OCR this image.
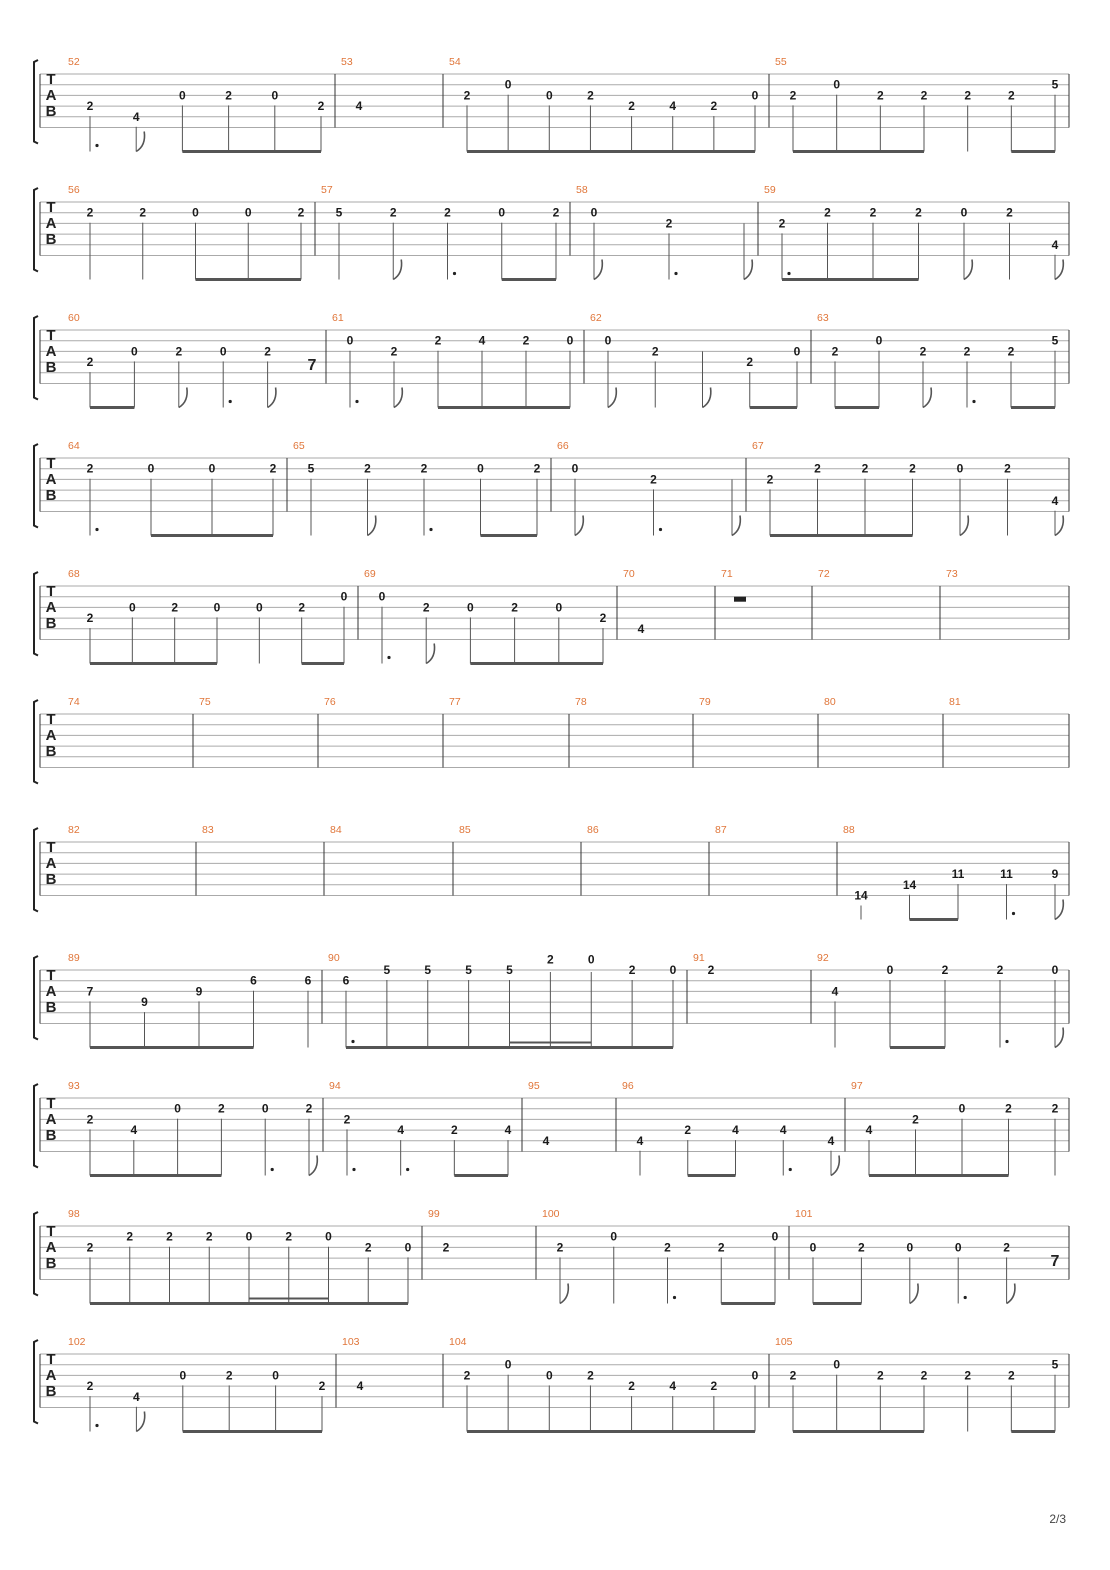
T
A
B
52
2
4
0	2	0
2
53
4
54
2
0
0	2
2	4	2
0
55
2
0
2	2	2	2
5
T
A
B
56
2	2	0	0	2
57
5	2	2	0	2
58
0
2
59
2
2	2	2	0	2
4
T
A
B
60
2
0	2	0	2
7
61
0
2
2	4	2	0
62
0
2
2
0
63
2
0
2	2	2
5
T
A
B
64
2	0	0	2
65
5	2	2	0	2
66
0
2
67
2
2	2	2	0	2
4
T
A
B
68
2
0	2	0	0	2
0
69
0
2	0	2	0
2
70
4
71	72	73
T
A
B
74	75	76	77	78	79	80	81
T
A
B
82	83	84	85	86	87	88
14
14
11	11	9
T
A
B
89
7
9
9
6	6
90
6
5	5	5	5
2	0
2	0
91
2
92
4
0	2	2	0
T
A
B
93
2
4
0	2	0	2
94
2
4	2	4
95
4
96
4
2	4	4
4
97
4
2
0	2	2
T
A
B
98
2
2	2	2	0	2	0
2	0
99
2
100
2
0
2	2
0
101
0	2	0	0	2
7
T
A
B
102
2
4
0	2	0
2
103
4
104
2
0
0	2
2	4	2
0
105
2
0
2	2	2	2
5
2/3
